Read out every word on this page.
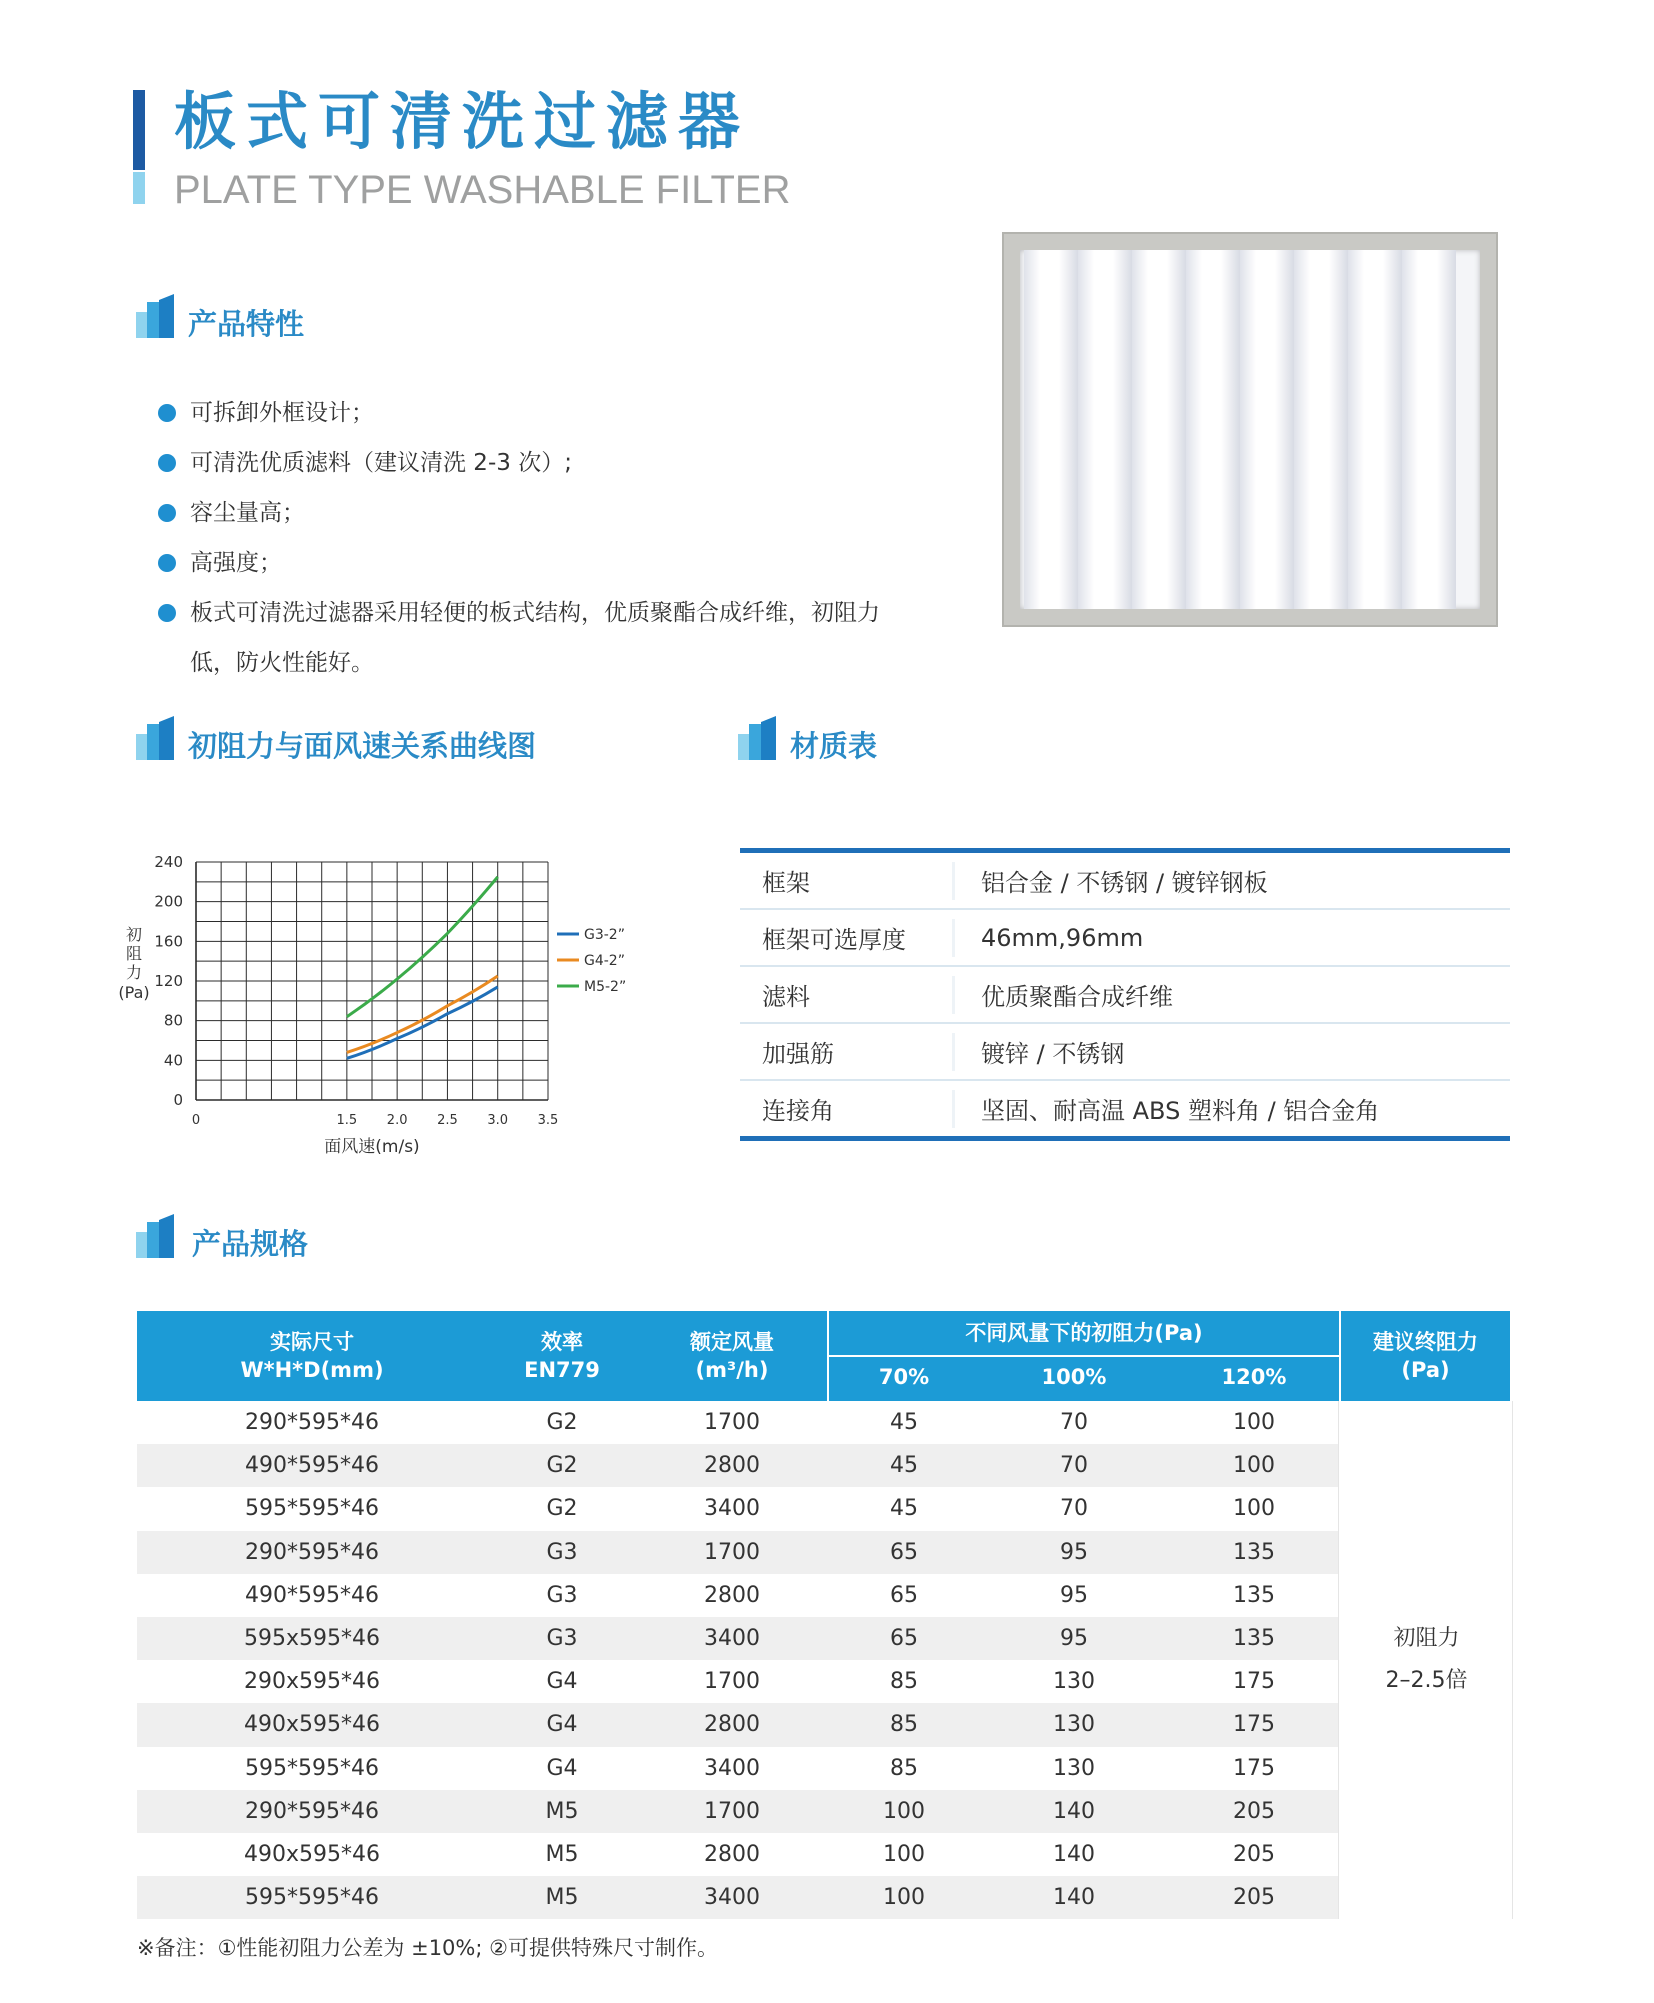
板式可清洗过滤器
PLATE TYPE WASHABLE FILTER
产品特性
可拆卸外框设计；
可清洗优质滤料（建议清洗 2-3 次）;
容尘量高；
高强度；
板式可清洗过滤器采用轻便的板式结构，优质聚酯合成纤维，初阻力
低，防火性能好。
初阻力与面风速关系曲线图	材质表
0
40
80
120
160
200
240
0	1.5 2.0 2.5 3.0 3.5
G3-2”
G4-2”
M5-2”
初
阻
力
(Pa)
面风速(m/s)
框架	铝合金 / 不锈钢 / 镀锌钢板
框架可选厚度	46mm,96mm
滤料	优质聚酯合成纤维
加强筋	镀锌 / 不锈钢
连接角	坚固、耐高温 ABS 塑料角 / 铝合金角
产品规格
实际尺寸
W*H*D(mm)
效率
EN779
额定风量
(m³/h)
不同风量下的初阻力(Pa)
70%	100%	120%
建议终阻力
(Pa)
290*595*46	G2	1700	45	70	100
490*595*46	G2	2800	45	70	100
595*595*46	G2	3400	45	70	100
290*595*46	G3	1700	65	95	135
490*595*46	G3	2800	65	95	135
595x595*46	G3	3400	65	95	135
290x595*46	G4	1700	85	130	175
490x595*46	G4	2800	85	130	175
595*595*46	G4	3400	85	130	175
290*595*46	M5	1700	100	140	205
490x595*46	M5	2800	100	140	205
595*595*46	M5	3400	100	140	205
初阻力
2–2.5倍
※备注：①性能初阻力公差为 ±10%; ②可提供特殊尺寸制作。
